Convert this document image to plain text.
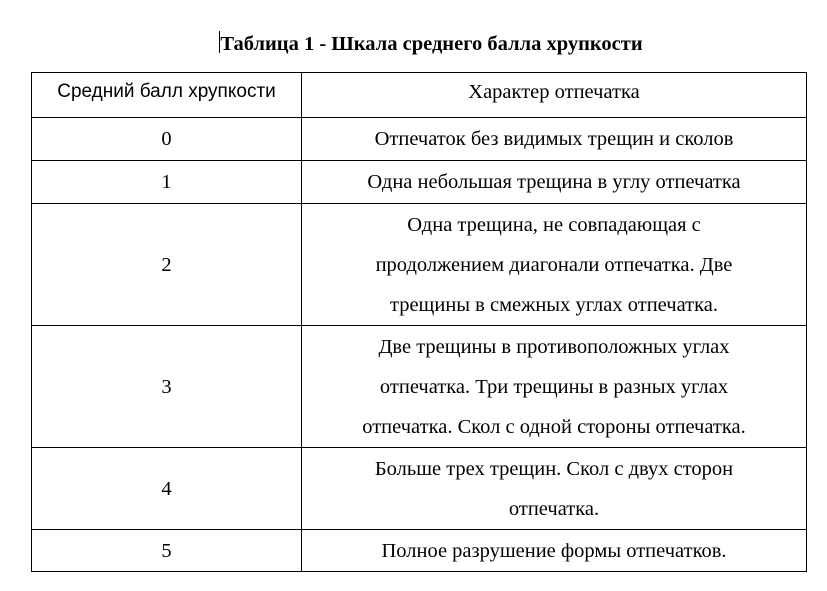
Таблица 1 - Шкала среднего балла хрупкости
Средний балл хрупкости	Характер отпечатка
0	Отпечаток без видимых трещин и сколов

1	Одна небольшая трещина в углу отпечатка

2	Одна трещина, не совпадающая с
продолжением диагонали отпечатка. Две
трещины в смежных углах отпечатка.

3	Две трещины в противоположных углах
отпечатка. Три трещины в разных углах
отпечатка. Скол с одной стороны отпечатка.

4	Больше трех трещин. Скол с двух сторон
отпечатка.

5	Полное разрушение формы отпечатков.
